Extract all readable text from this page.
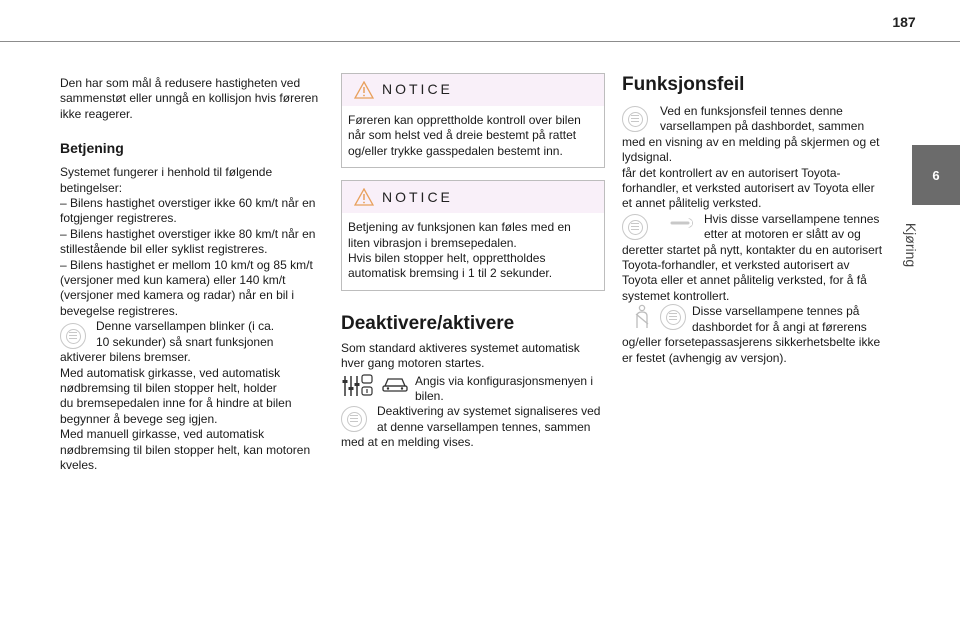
187
6
Kjøring

Den har som mål å redusere hastigheten ved
sammenstøt eller unngå en kollisjon hvis føreren
ikke reagerer.

Betjening

Systemet fungerer i henhold til følgende
betingelser:
– Bilens hastighet overstiger ikke 60 km/t når en
fotgjenger registreres.
– Bilens hastighet overstiger ikke 80 km/t når en
stillestående bil eller syklist registreres.
– Bilens hastighet er mellom 10 km/t og 85 km/t
(versjoner med kun kamera) eller 140 km/t
(versjoner med kamera og radar) når en bil i
bevegelse registreres.

Denne varsellampen blinker (i ca.
10 sekunder) så snart funksjonen
aktiverer bilens bremser.
Med automatisk girkasse, ved automatisk
nødbremsing til bilen stopper helt, holder
du bremsepedalen inne for å hindre at bilen
begynner å bevege seg igjen.
Med manuell girkasse, ved automatisk
nødbremsing til bilen stopper helt, kan motoren
kveles.
NOTICE
Føreren kan opprettholde kontroll over bilen
når som helst ved å dreie bestemt på rattet
og/eller trykke gasspedalen bestemt inn.
NOTICE
Betjening av funksjonen kan føles med en
liten vibrasjon i bremsepedalen.
Hvis bilen stopper helt, opprettholdes
automatisk bremsing i 1 til 2 sekunder.
Deaktivere/aktivere

Som standard aktiveres systemet automatisk
hver gang motoren startes.

Angis via konfigurasjonsmenyen i
bilen.
Deaktivering av systemet signaliseres ved
at denne varsellampen tennes, sammen
med at en melding vises.
Funksjonsfeil
Ved en funksjonsfeil tennes denne
varsellampen på dashbordet, sammen
med en visning av en melding på skjermen og et
lydsignal.
får det kontrollert av en autorisert Toyota-
forhandler, et verksted autorisert av Toyota eller
et annet pålitelig verksted.
Hvis disse varsellampene tennes
etter at motoren er slått av og
deretter startet på nytt, kontakter du en autorisert
Toyota-forhandler, et verksted autorisert av
Toyota eller et annet pålitelig verksted, for å få
systemet kontrollert.
Disse varsellampene tennes på
dashbordet for å angi at førerens
og/eller forsetepassasjerens sikkerhetsbelte ikke
er festet (avhengig av versjon).
